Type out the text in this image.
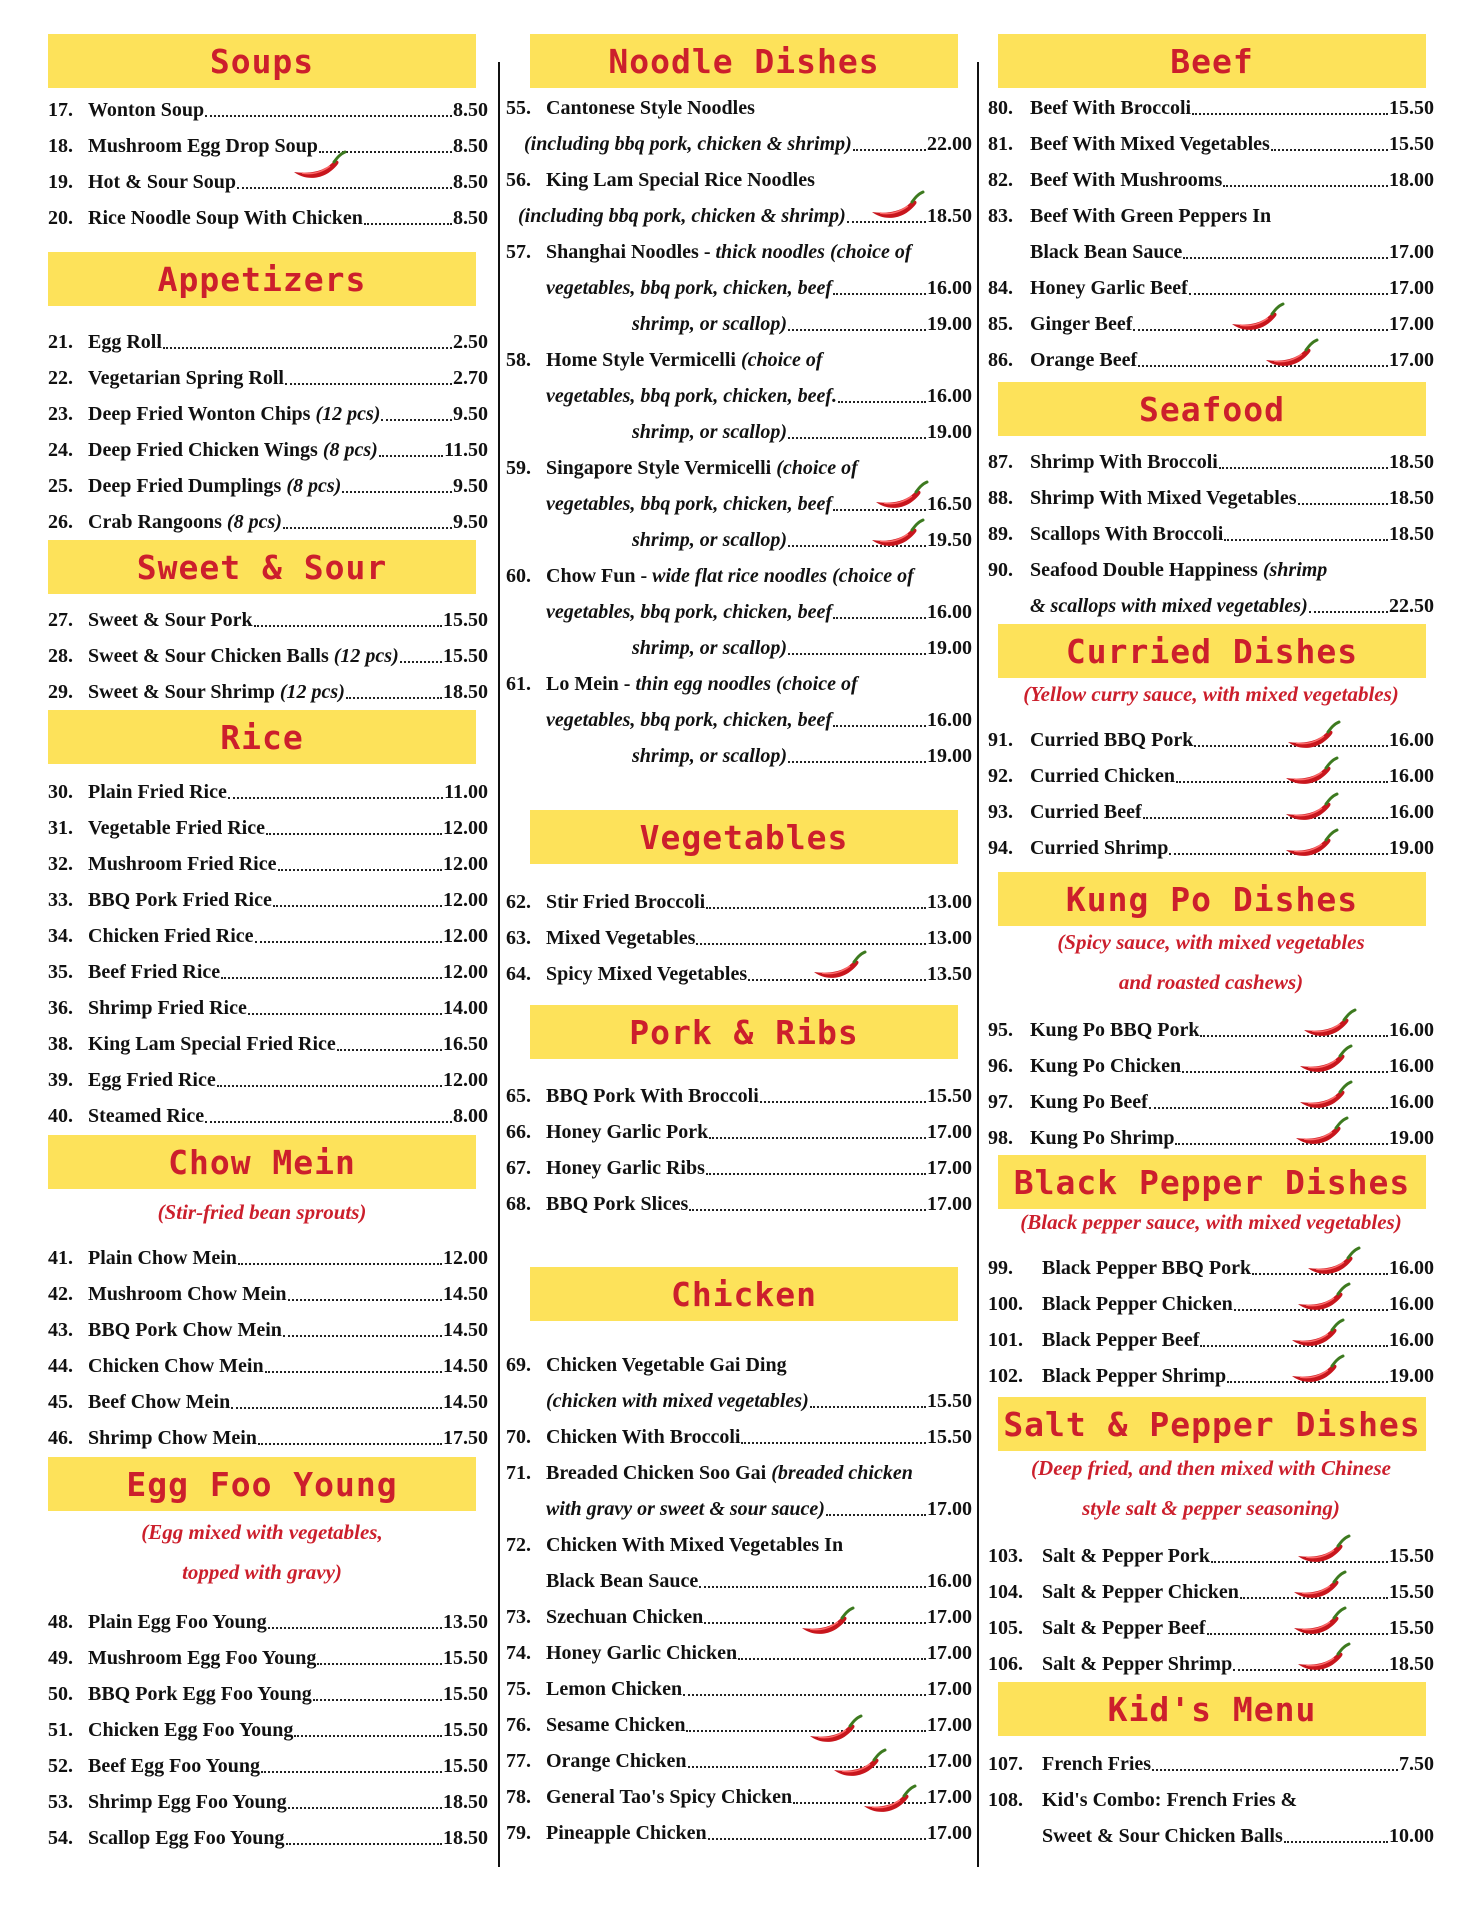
Soups
17. Wonton Soup	8.50
18. Mushroom Egg Drop Soup	8.50
19. Hot & Sour Soup	8.50
20. Rice Noodle Soup With Chicken	8.50
Appetizers
21. Egg Roll	2.50
22. Vegetarian Spring Roll	2.70
23. Deep Fried Wonton Chips (12 pcs)	9.50
24. Deep Fried Chicken Wings (8 pcs)	11.50
25. Deep Fried Dumplings (8 pcs)	9.50
26. Crab Rangoons (8 pcs)	9.50
Sweet & Sour
27. Sweet & Sour Pork	15.50
28. Sweet & Sour Chicken Balls (12 pcs) 15.50
29. Sweet & Sour Shrimp (12 pcs)	18.50
Rice
30. Plain Fried Rice	11.00
31. Vegetable Fried Rice	12.00
32. Mushroom Fried Rice	12.00
33. BBQ Pork Fried Rice	12.00
34. Chicken Fried Rice	12.00
35. Beef Fried Rice	12.00
36. Shrimp Fried Rice	14.00
38. King Lam Special Fried Rice	16.50
39. Egg Fried Rice	12.00
40. Steamed Rice	8.00
Chow Mein
(Stir-fried bean sprouts)
41. Plain Chow Mein	12.00
42. Mushroom Chow Mein	14.50
43. BBQ Pork Chow Mein	14.50
44. Chicken Chow Mein	14.50
45. Beef Chow Mein	14.50
46. Shrimp Chow Mein	17.50
Egg Foo Young
(Egg mixed with vegetables,
topped with gravy)
48. Plain Egg Foo Young	13.50
49. Mushroom Egg Foo Young	15.50
50. BBQ Pork Egg Foo Young	15.50
51. Chicken Egg Foo Young	15.50
52. Beef Egg Foo Young	15.50
53. Shrimp Egg Foo Young	18.50
54. Scallop Egg Foo Young	18.50
Noodle Dishes
55. Cantonese Style Noodles
(including bbq pork, chicken & shrimp)	22.00
56. King Lam Special Rice Noodles
(including bbq pork, chicken & shrimp)	18.50
57. Shanghai Noodles - thick noodles (choice of
vegetables, bbq pork, chicken, beef	16.00
shrimp, or scallop)	19.00
58. Home Style Vermicelli (choice of
vegetables, bbq pork, chicken, beef.	16.00
shrimp, or scallop)	19.00
59. Singapore Style Vermicelli (choice of
vegetables, bbq pork, chicken, beef	16.50
shrimp, or scallop)	19.50
60. Chow Fun - wide flat rice noodles (choice of
vegetables, bbq pork, chicken, beef	16.00
shrimp, or scallop)	19.00
61. Lo Mein - thin egg noodles (choice of
vegetables, bbq pork, chicken, beef	16.00
shrimp, or scallop)	19.00
Vegetables
62. Stir Fried Broccoli	13.00
63. Mixed Vegetables	13.00
64. Spicy Mixed Vegetables	13.50
Pork & Ribs
65. BBQ Pork With Broccoli	15.50
66. Honey Garlic Pork	17.00
67. Honey Garlic Ribs	17.00
68. BBQ Pork Slices	17.00
Chicken
69. Chicken Vegetable Gai Ding
(chicken with mixed vegetables)	15.50
70. Chicken With Broccoli	15.50
71. Breaded Chicken Soo Gai (breaded chicken
with gravy or sweet & sour sauce)	17.00
72. Chicken With Mixed Vegetables In
Black Bean Sauce	16.00
73. Szechuan Chicken	17.00
74. Honey Garlic Chicken	17.00
75. Lemon Chicken	17.00
76. Sesame Chicken	17.00
77. Orange Chicken	17.00
78. General Tao's Spicy Chicken	17.00
79. Pineapple Chicken	17.00
Beef
80. Beef With Broccoli	15.50
81. Beef With Mixed Vegetables	15.50
82. Beef With Mushrooms	18.00
83. Beef With Green Peppers In
Black Bean Sauce	17.00
84. Honey Garlic Beef	17.00
85. Ginger Beef	17.00
86. Orange Beef	17.00
Seafood
87. Shrimp With Broccoli	18.50
88. Shrimp With Mixed Vegetables	18.50
89. Scallops With Broccoli	18.50
90. Seafood Double Happiness (shrimp
& scallops with mixed vegetables)	22.50
Curried Dishes
(Yellow curry sauce, with mixed vegetables)
91. Curried BBQ Pork	16.00
92. Curried Chicken	16.00
93. Curried Beef	16.00
94. Curried Shrimp	19.00
Kung Po Dishes
(Spicy sauce, with mixed vegetables
and roasted cashews)
95. Kung Po BBQ Pork	16.00
96. Kung Po Chicken	16.00
97. Kung Po Beef	16.00
98. Kung Po Shrimp	19.00
Black Pepper Dishes
(Black pepper sauce, with mixed vegetables)
99.	Black Pepper BBQ Pork	16.00
100. Black Pepper Chicken	16.00
101. Black Pepper Beef	16.00
102. Black Pepper Shrimp	19.00
Salt & Pepper Dishes
(Deep fried, and then mixed with Chinese
style salt & pepper seasoning)
103. Salt & Pepper Pork	15.50
104. Salt & Pepper Chicken	15.50
105. Salt & Pepper Beef	15.50
106. Salt & Pepper Shrimp	18.50
Kid's Menu
107. French Fries	7.50
108. Kid's Combo: French Fries &
Sweet & Sour Chicken Balls	10.00
